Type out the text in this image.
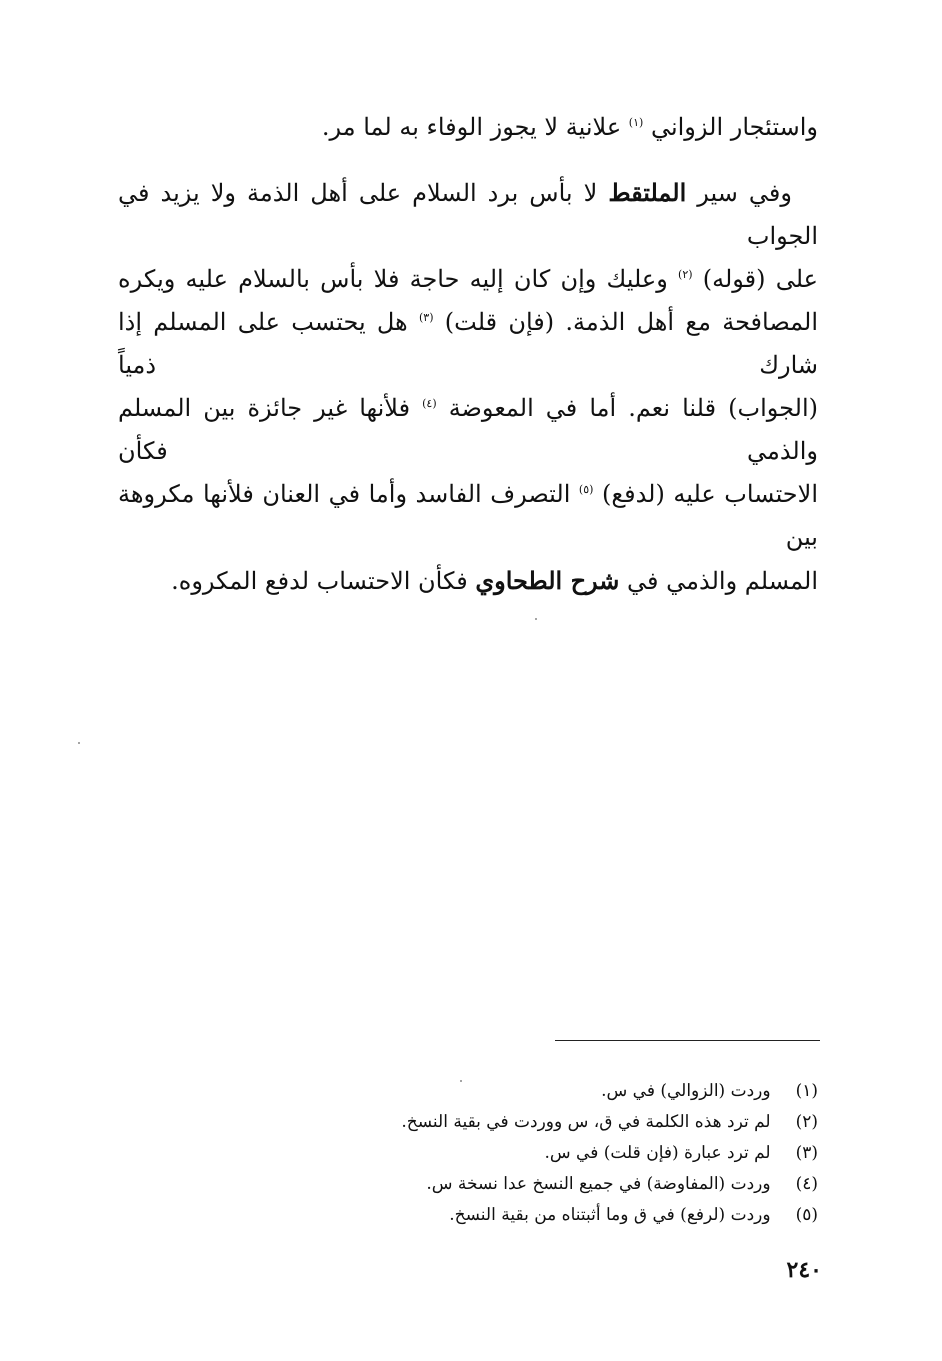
واستئجار الزواني $^{(١)}$ علانية لا يجوز الوفاء به لما مر.

وفي سير الملتقط لا بأس برد السلام على أهل الذمة ولا يزيد في الجواب
على (قوله) $^{(٢)}$ وعليك وإن كان إليه حاجة فلا بأس بالسلام عليه ويكره
المصافحة مع أهل الذمة. (فإن قلت) $^{(٣)}$ هل يحتسب على المسلم إذا شارك ذمياً
(الجواب) قلنا نعم. أما في المعوضة $^{(٤)}$ فلأنها غير جائزة بين المسلم والذمي فكأن
الاحتساب عليه (لدفع) $^{(٥)}$ التصرف الفاسد وأما في العنان فلأنها مكروهة بين
المسلم والذمي في شرح الطحاوي فكأن الاحتساب لدفع المكروه.

(١) وردت (الزوالي) في س.
(٢) لم ترد هذه الكلمة في ق، س ووردت في بقية النسخ.
(٣) لم ترد عبارة (فإن قلت) في س.
(٤) وردت (المفاوضة) في جميع النسخ عدا نسخة س.
(٥) وردت (لرفع) في ق وما أثبتناه من بقية النسخ.
٢٤٠
